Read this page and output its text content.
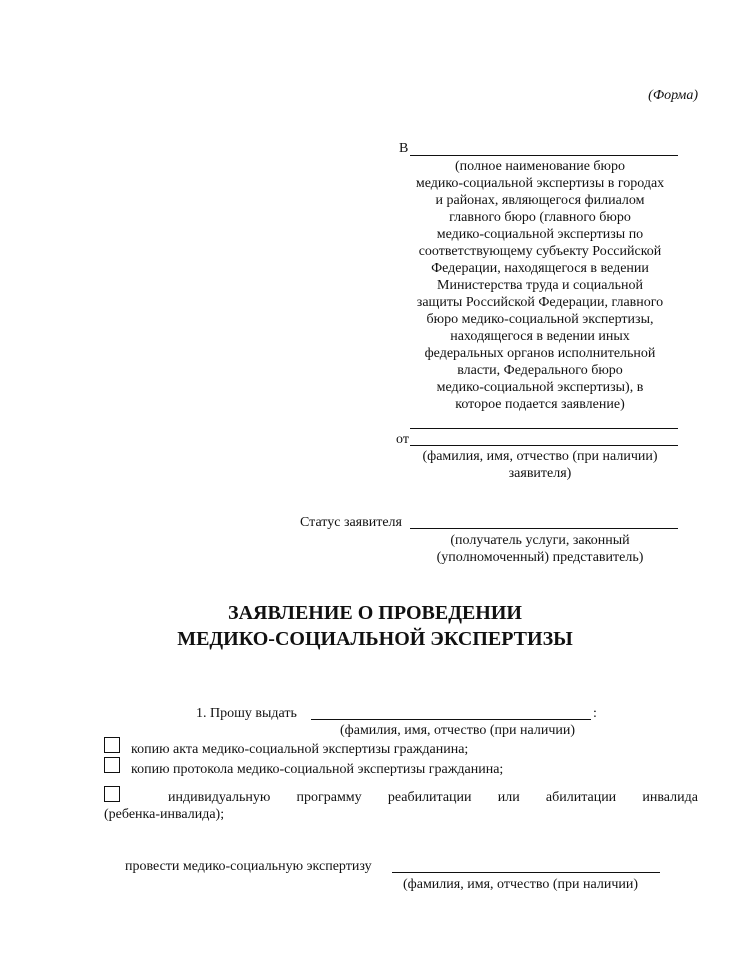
(Форма)
В
(полное наименование бюро
медико-социальной экспертизы в городах
и районах, являющегося филиалом
главного бюро (главного бюро
медико-социальной экспертизы по
соответствующему субъекту Российской
Федерации, находящегося в ведении
Министерства труда и социальной
защиты Российской Федерации, главного
бюро медико-социальной экспертизы,
находящегося в ведении иных
федеральных органов исполнительной
власти, Федерального бюро
медико-социальной экспертизы), в
которое подается заявление)
от
(фамилия, имя, отчество (при наличии)
заявителя)
Статус заявителя
(получатель услуги, законный
(уполномоченный) представитель)
ЗАЯВЛЕНИЕ О ПРОВЕДЕНИИ
МЕДИКО-СОЦИАЛЬНОЙ ЭКСПЕРТИЗЫ
1. Прошу выдать	:
(фамилия, имя, отчество (при наличии)
копию акта медико-социальной экспертизы гражданина;
копию протокола медико-социальной экспертизы гражданина;
индивидуальную программу реабилитации или абилитации инвалида
(ребенка-инвалида);
провести медико-социальную экспертизу
(фамилия, имя, отчество (при наличии)
